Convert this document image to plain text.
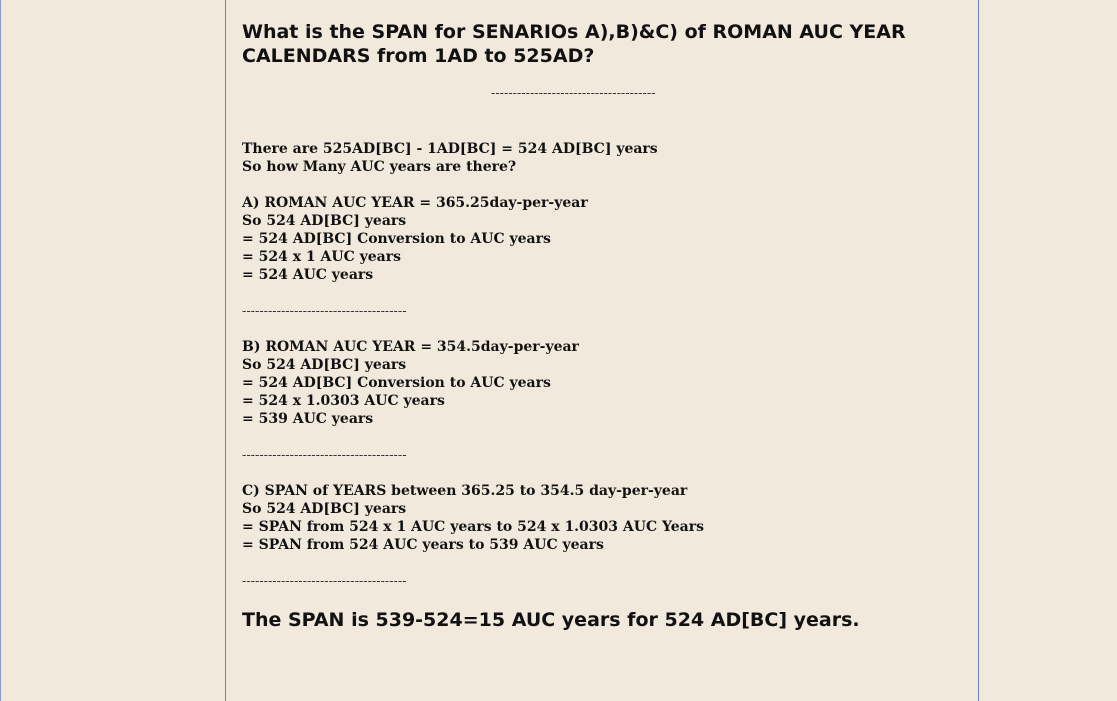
What is the SPAN for SENARIOs A),B)&C) of ROMAN AUC YEAR CALENDARS from 1AD to 525AD?
--------------------------------------
There are 525AD[BC] - 1AD[BC] = 524 AD[BC] years
So how Many AUC years are there?
A) ROMAN AUC YEAR = 365.25day-per-year
So 524 AD[BC] years
= 524 AD[BC] Conversion to AUC years
= 524 x 1 AUC years
= 524 AUC years
--------------------------------------
B) ROMAN AUC YEAR = 354.5day-per-year
So 524 AD[BC] years
= 524 AD[BC] Conversion to AUC years
= 524 x 1.0303 AUC years
= 539 AUC years
--------------------------------------
C) SPAN of YEARS between 365.25 to 354.5 day-per-year
So 524 AD[BC] years
= SPAN from 524 x 1 AUC years to 524 x 1.0303 AUC Years
= SPAN from 524 AUC years to 539 AUC years
--------------------------------------
The SPAN is 539-524=15 AUC years for 524 AD[BC] years.
